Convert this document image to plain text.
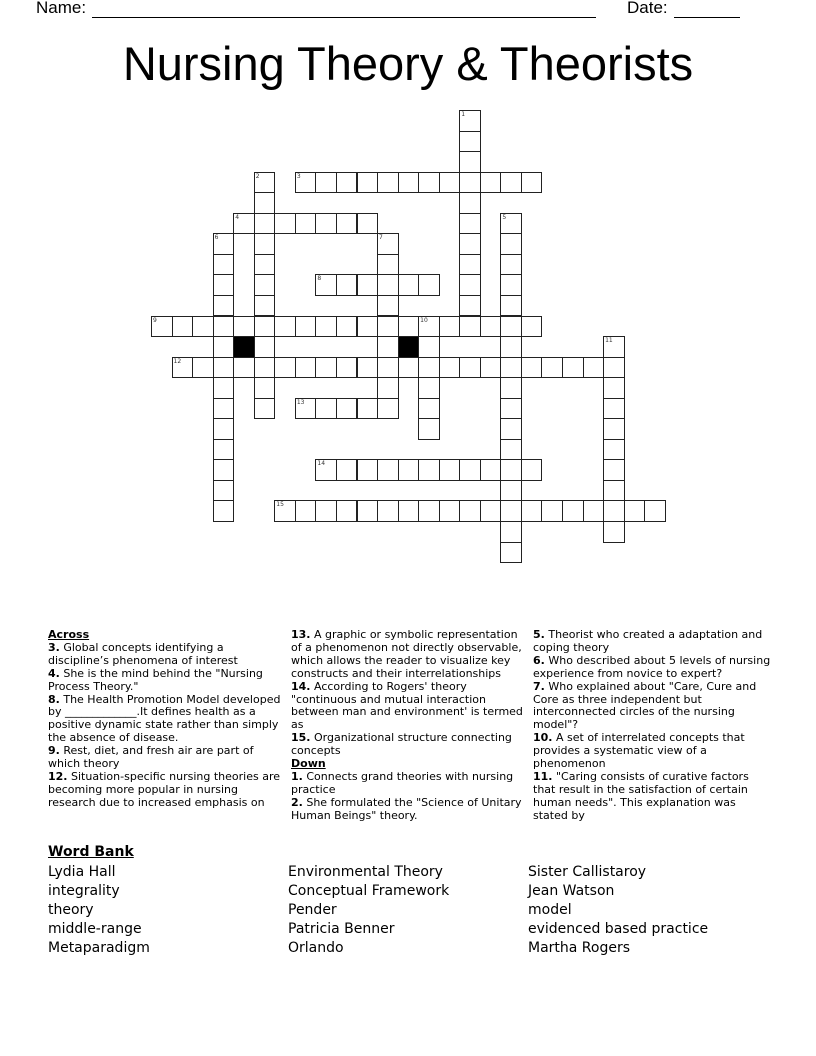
Name:	Date:
Nursing Theory & Theorists
1
2	3
4	5
6	7
8
9	10
11
12
13
14
15
Across
3. Global concepts identifying a discipline’s phenomena of interest
4. She is the mind behind the "Nursing Process Theory."
8. The Health Promotion Model developed by _____________.It defines health as a positive dynamic state rather than simply the absence of disease.
9. Rest, diet, and fresh air are part of which theory
12. Situation-specific nursing theories are becoming more popular in nursing research due to increased emphasis on
13. A graphic or symbolic representation of a phenomenon not directly observable, which allows the reader to visualize key constructs and their interrelationships
14. According to Rogers' theory "continuous and mutual interaction between man and environment' is termed as
15. Organizational structure connecting concepts
Down
1. Connects grand theories with nursing practice
2. She formulated the "Science of Unitary Human Beings" theory.
5. Theorist who created a adaptation and coping theory
6. Who described about 5 levels of nursing experience from novice to expert?
7. Who explained about "Care, Cure and Core as three independent but interconnected circles of the nursing model"?
10. A set of interrelated concepts that provides a systematic view of a phenomenon
11. "Caring consists of curative factors that result in the satisfaction of certain human needs". This explanation was stated by
Word Bank
Lydia Hall
integrality
theory
middle-range
Metaparadigm
Environmental Theory
Conceptual Framework
Pender
Patricia Benner
Orlando
Sister Callistaroy
Jean Watson
model
evidenced based practice
Martha Rogers
